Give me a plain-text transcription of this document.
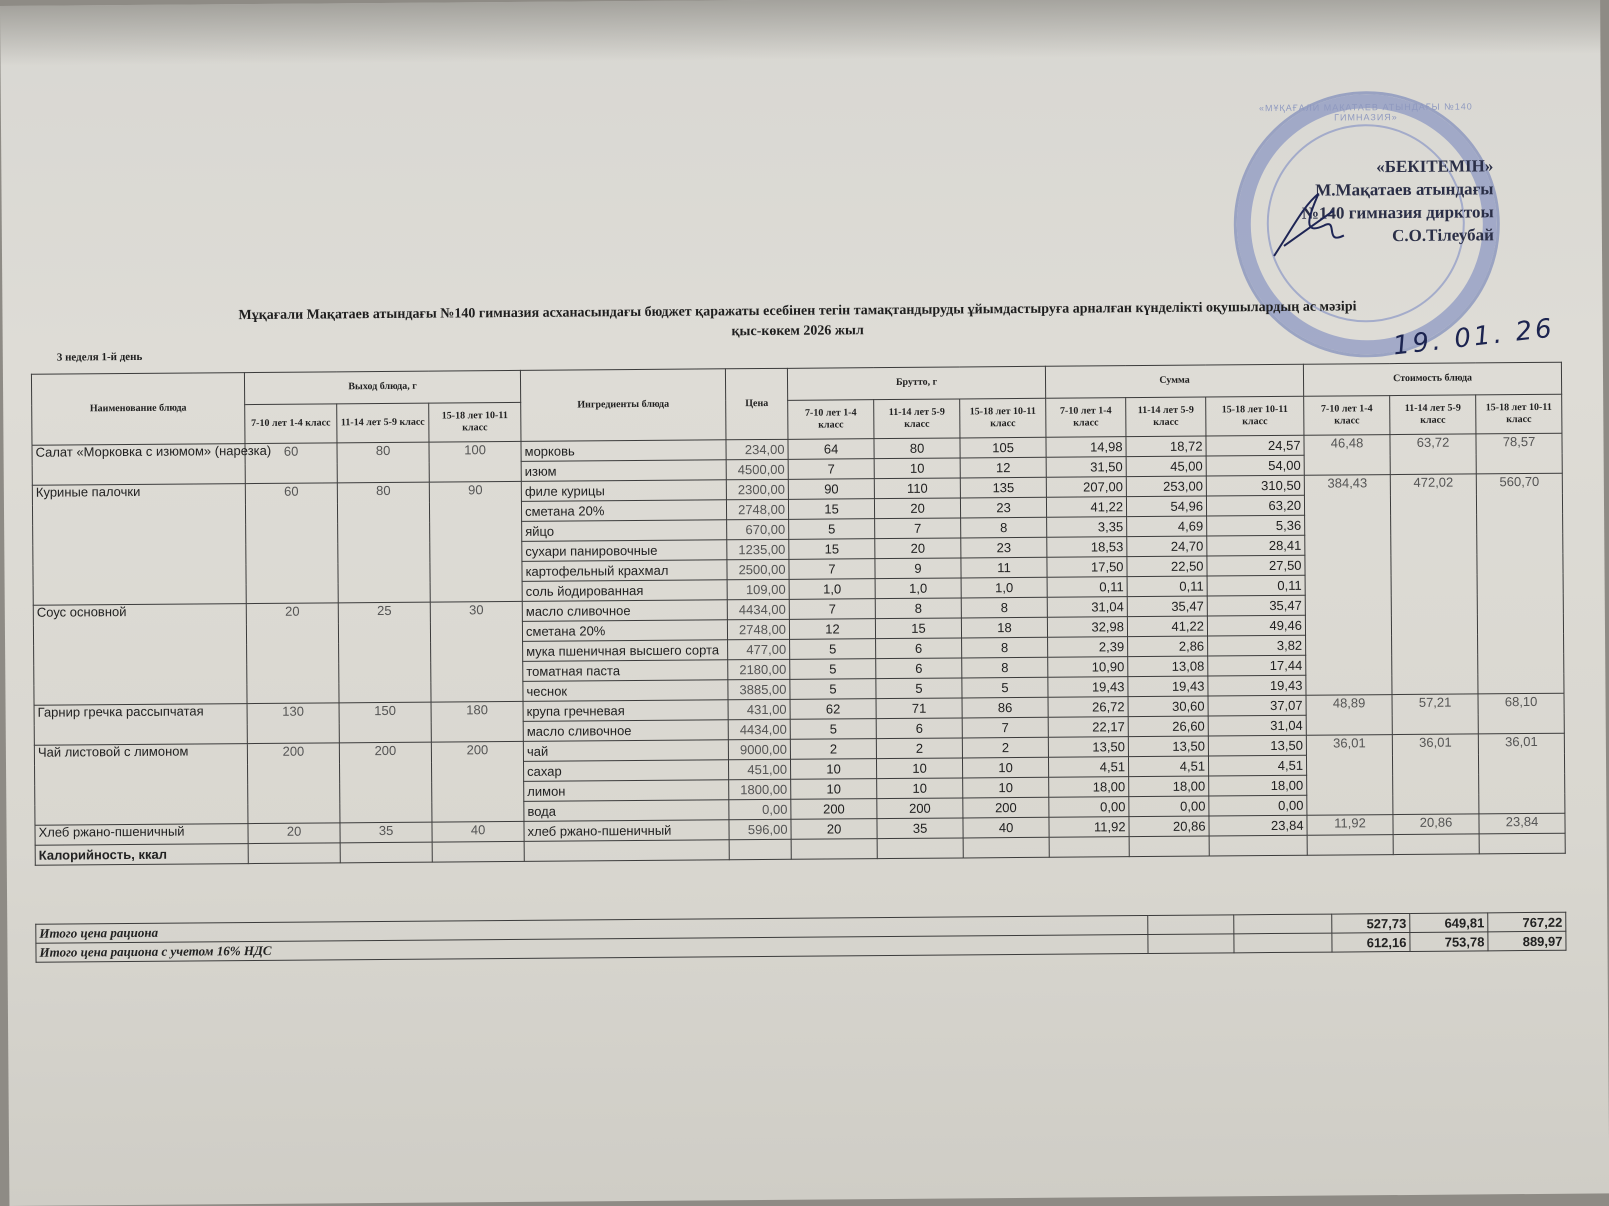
«МҰҚАҒАЛИ МАҚАТАЕВ АТЫНДАҒЫ №140 ГИМНАЗИЯ»
«БЕКІТЕМІН»
М.Мақатаев атындағы
№140 гимназия дирктоы
С.О.Тілеубай
19. 01. 26
Мұқағали Мақатаев атындағы №140 гимназия асханасындағы бюджет қаражаты есебінен тегін тамақтандыруды ұйымдастыруға арналған күнделікті оқушылардың ас мәзірі
қыс-көкем 2026 жыл
3 неделя 1-й день
Наименование блюда	Выход блюда, г			Ингредиенты блюда	Цена	Брутто, г			Сумма			Стоимость блюда		
	7-10 лет 1-4 класс	11-14 лет 5-9 класс	15-18 лет 10-11 класс			7-10 лет 1-4 класс	11-14 лет 5-9 класс	15-18 лет 10-11 класс	7-10 лет 1-4 класс	11-14 лет 5-9 класс	15-18 лет 10-11 класс	7-10 лет 1-4 класс	11-14 лет 5-9 класс	15-18 лет 10-11 класс
Салат «Морковка с изюмом» (нарезка)	60	80	100	морковь	234,00	64	80	105	14,98	18,72	24,57	46,48	63,72	78,57
				изюм	4500,00	7	10	12	31,50	45,00	54,00			
Куриные палочки	60	80	90	филе курицы	2300,00	90	110	135	207,00	253,00	310,50	384,43	472,02	560,70
				сметана 20%	2748,00	15	20	23	41,22	54,96	63,20			
				яйцо	670,00	5	7	8	3,35	4,69	5,36			
				сухари панировочные	1235,00	15	20	23	18,53	24,70	28,41			
				картофельный крахмал	2500,00	7	9	11	17,50	22,50	27,50			
				соль йодированная	109,00	1,0	1,0	1,0	0,11	0,11	0,11			
Соус основной	20	25	30	масло сливочное	4434,00	7	8	8	31,04	35,47	35,47			
				сметана 20%	2748,00	12	15	18	32,98	41,22	49,46			
				мука пшеничная высшего сорта	477,00	5	6	8	2,39	2,86	3,82			
				томатная паста	2180,00	5	6	8	10,90	13,08	17,44			
				чеснок	3885,00	5	5	5	19,43	19,43	19,43			
Гарнир гречка рассыпчатая	130	150	180	крупа гречневая	431,00	62	71	86	26,72	30,60	37,07	48,89	57,21	68,10
				масло сливочное	4434,00	5	6	7	22,17	26,60	31,04			
Чай листовой с лимоном	200	200	200	чай	9000,00	2	2	2	13,50	13,50	13,50	36,01	36,01	36,01
				сахар	451,00	10	10	10	4,51	4,51	4,51			
				лимон	1800,00	10	10	10	18,00	18,00	18,00			
				вода	0,00	200	200	200	0,00	0,00	0,00			
Хлеб ржано-пшеничный	20	35	40	хлеб ржано-пшеничный	596,00	20	35	40	11,92	20,86	23,84	11,92	20,86	23,84
Калорийность, ккал														
Итого цена рациона			527,73	649,81	767,22
Итого цена рациона с учетом 16% НДС			612,16	753,78	889,97
